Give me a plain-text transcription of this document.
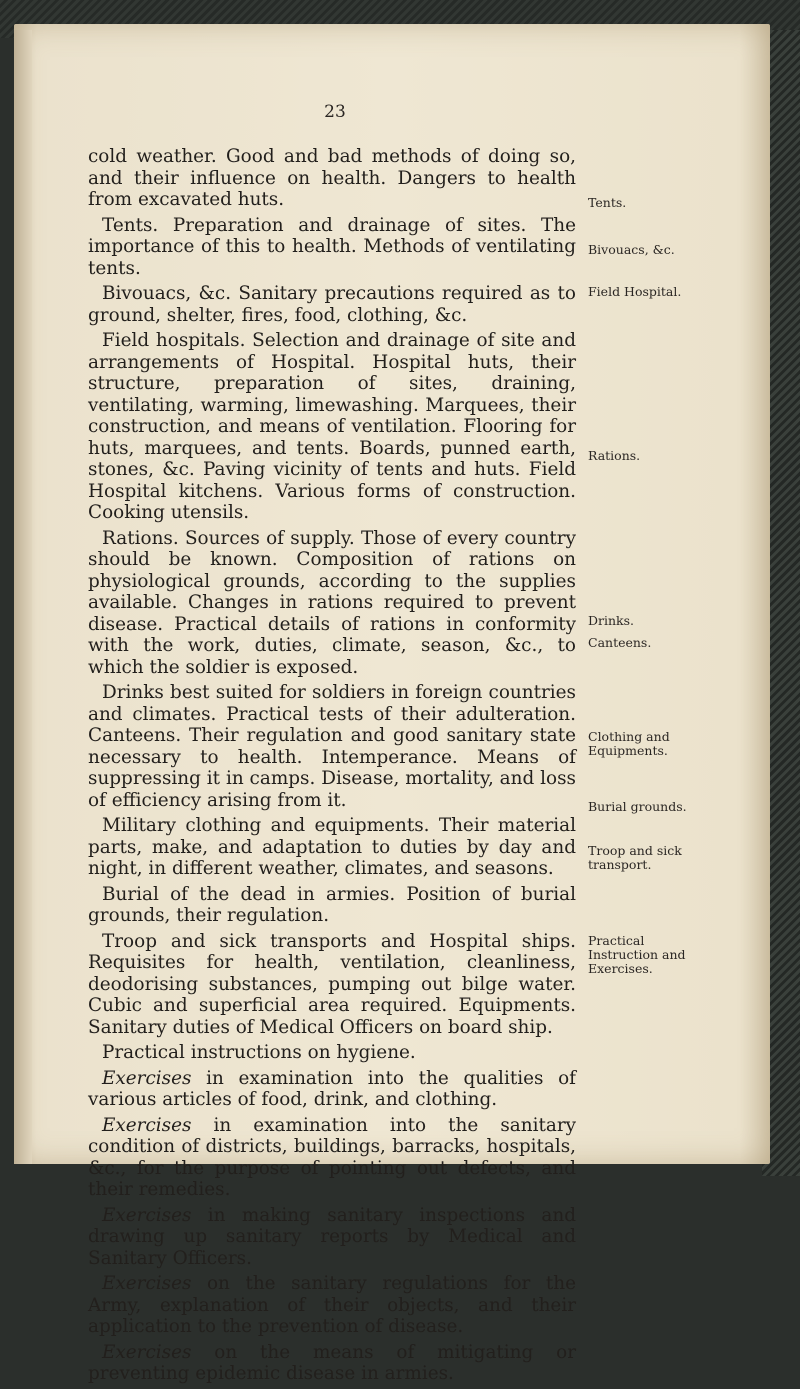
23

cold weather. Good and bad methods of doing so, and their influence on health. Dangers to health from excavated huts.

Tents. Preparation and drainage of sites. The importance of this to health. Methods of ventilating tents.

Bivouacs, &c. Sanitary precautions required as to ground, shelter, fires, food, clothing, &c.

Field hospitals. Selection and drainage of site and arrangements of Hospital. Hospital huts, their structure, preparation of sites, draining, ventilating, warming, limewashing. Marquees, their construction, and means of ventilation. Flooring for huts, marquees, and tents. Boards, punned earth, stones, &c. Paving vicinity of tents and huts. Field Hospital kitchens. Various forms of construction. Cooking utensils.

Rations. Sources of supply. Those of every country should be known. Composition of rations on physiological grounds, according to the supplies available. Changes in rations required to prevent disease. Practical details of rations in conformity with the work, duties, climate, season, &c., to which the soldier is exposed.

Drinks best suited for soldiers in foreign countries and climates. Practical tests of their adulteration. Canteens. Their regulation and good sanitary state necessary to health. Intemperance. Means of suppressing it in camps. Disease, mortality, and loss of efficiency arising from it.

Military clothing and equipments. Their material parts, make, and adaptation to duties by day and night, in different weather, climates, and seasons.

Burial of the dead in armies. Position of burial grounds, their regulation.

Troop and sick transports and Hospital ships. Requisites for health, ventilation, cleanliness, deodorising substances, pumping out bilge water. Cubic and superficial area required. Equipments. Sanitary duties of Medical Officers on board ship.

Practical instructions on hygiene.

Exercises in examination into the qualities of various articles of food, drink, and clothing.

Exercises in examination into the sanitary condition of districts, buildings, barracks, hospitals, &c., for the purpose of pointing out defects, and their remedies.

Exercises in making sanitary inspections and drawing up sanitary reports by Medical and Sanitary Officers.

Exercises on the sanitary regulations for the Army, explanation of their objects, and their application to the prevention of disease.

Exercises on the means of mitigating or preventing epidemic disease in armies.

Tents.
Bivouacs, &c.
Field Hospital.
Rations.
Drinks.
Canteens.
Clothing and Equipments.
Burial grounds.
Troop and sick transport.
Practical Instruction and Exercises.
